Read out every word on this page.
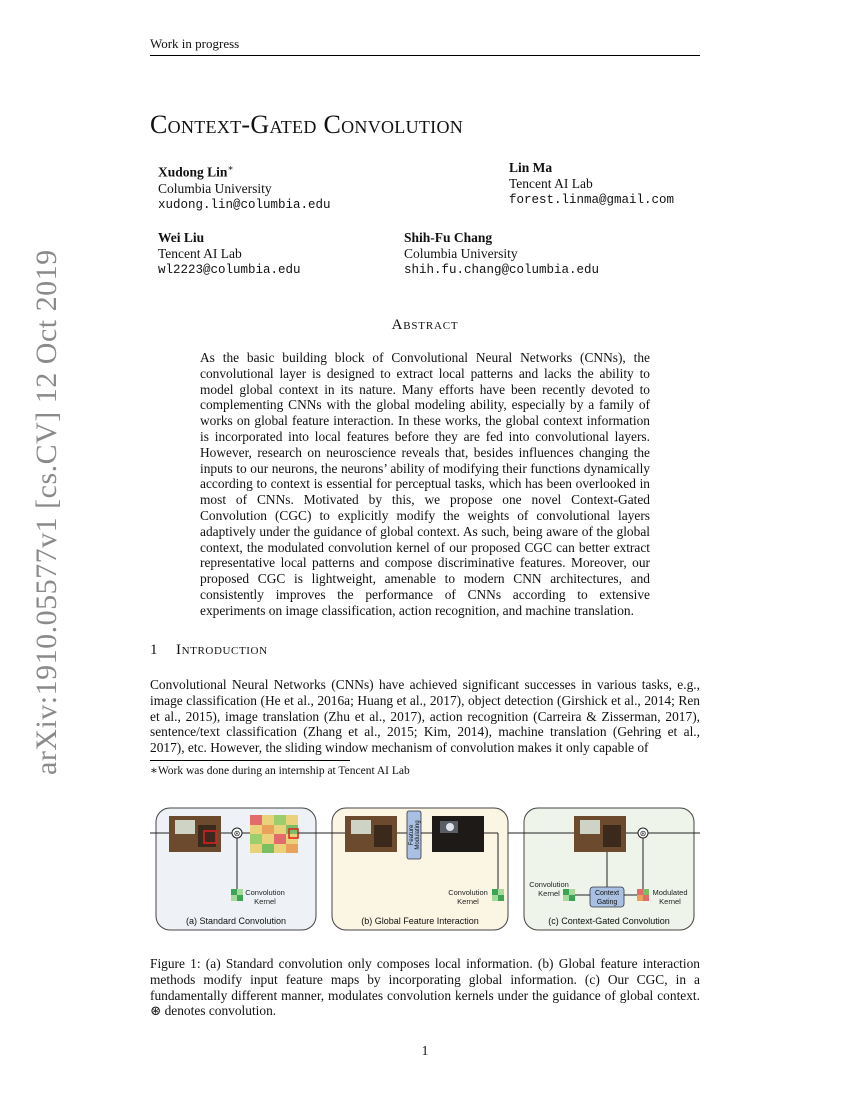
Work in progress
Context-Gated Convolution
Xudong Lin∗
Columbia University
xudong.lin@columbia.edu
Lin Ma
Tencent AI Lab
forest.linma@gmail.com
Wei Liu
Tencent AI Lab
wl2223@columbia.edu
Shih-Fu Chang
Columbia University
shih.fu.chang@columbia.edu
Abstract
As the basic building block of Convolutional Neural Networks (CNNs), the convolutional layer is designed to extract local patterns and lacks the ability to model global context in its nature. Many efforts have been recently devoted to complementing CNNs with the global modeling ability, especially by a family of works on global feature interaction. In these works, the global context information is incorporated into local features before they are fed into convolutional layers. However, research on neuroscience reveals that, besides influences changing the inputs to our neurons, the neurons’ ability of modifying their functions dynamically according to context is essential for perceptual tasks, which has been overlooked in most of CNNs. Motivated by this, we propose one novel Context-Gated Convolution (CGC) to explicitly modify the weights of convolutional layers adaptively under the guidance of global context. As such, being aware of the global context, the modulated convolution kernel of our proposed CGC can better extract representative local patterns and compose discriminative features. Moreover, our proposed CGC is lightweight, amenable to modern CNN architectures, and consistently improves the performance of CNNs according to extensive experiments on image classification, action recognition, and machine translation.
1 Introduction
Convolutional Neural Networks (CNNs) have achieved significant successes in various tasks, e.g., image classification (He et al., 2016a; Huang et al., 2017), object detection (Girshick et al., 2014; Ren et al., 2015), image translation (Zhu et al., 2017), action recognition (Carreira & Zisserman, 2017), sentence/text classification (Zhang et al., 2015; Kim, 2014), machine translation (Gehring et al., 2017), etc. However, the sliding window mechanism of convolution makes it only capable of
∗Work was done during an internship at Tencent AI Lab
arXiv:1910.05577v1 [cs.CV] 12 Oct 2019
⊛
Convolution
Kernel
(a) Standard Convolution
Feature Modulating
Convolution
Kernel
(b) Global Feature Interaction
⊛
Convolution
Kernel	Context
Gating
Modulated
Kernel
(c) Context-Gated Convolution
Figure 1: (a) Standard convolution only composes local information. (b) Global feature interaction methods modify input feature maps by incorporating global information. (c) Our CGC, in a fundamentally different manner, modulates convolution kernels under the guidance of global context. ⊛ denotes convolution.
1
